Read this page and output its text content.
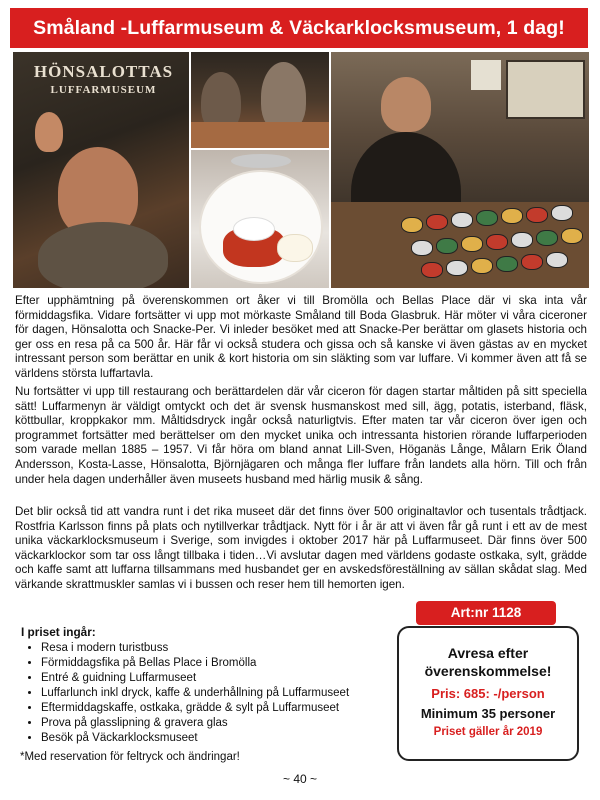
Småland -Luffarmuseum & Väckarklocksmuseum, 1 dag!
HÖNSALOTTAS
LUFFARMUSEUM
Efter upphämtning på överenskommen ort åker vi till Bromölla och Bellas Place där vi ska inta vår förmiddagsfika. Vidare fortsätter vi upp mot mörkaste Småland till Boda Glasbruk. Här möter vi våra ciceroner för dagen, Hönsalotta och Snacke-Per. Vi inleder besöket med att Snacke-Per berättar om glasets historia och ger oss en resa på ca 500 år. Här får vi också studera och gissa och så kanske vi även gästas av en mycket intressant person som berättar en unik & kort historia om sin släkting som var luffare. Vi kommer även att få se världens största luffartavla.
Nu fortsätter vi upp till restaurang och berättardelen där vår ciceron för dagen startar måltiden på sitt speciella sätt! Luffarmenyn är väldigt omtyckt och det är svensk husmanskost med sill, ägg, potatis, isterband, fläsk, köttbullar, kroppkakor mm. Måltidsdryck ingår också naturligtvis. Efter maten tar vår ciceron över igen och programmet fortsätter med berättelser om den mycket unika och intressanta historien rörande luffarperioden som varade mellan 1885 – 1957. Vi får höra om bland annat Lill-Sven, Höganäs Långe, Målarn Erik Öland Andersson, Kosta-Lasse, Hönsalotta, Björnjägaren och många fler luffare från landets alla hörn. Till och från under hela dagen underhåller även museets husband med härlig musik & sång.
Det blir också tid att vandra runt i det rika museet där det finns över 500 originaltavlor och tusentals trådtjack. Rostfria Karlsson finns på plats och nytillverkar trådtjack. Nytt för i år är att vi även får gå runt i ett av de mest unika väckarklocksmuseum i Sverige, som invigdes i oktober 2017 här på Luffarmuseet. Där finns över 500 väckarklockor som tar oss långt tillbaka i tiden…Vi avslutar dagen med världens godaste ostkaka, sylt, grädde och kaffe samt att luffarna tillsammans med husbandet ger en avskedsföreställning av sällan skådat slag. Med värkande skrattmuskler samlas vi i bussen och reser hem till hemorten igen.
I priset ingår:
• Resa i modern turistbuss
• Förmiddagsfika på Bellas Place i Bromölla
• Entré & guidning Luffarmuseet
• Luffarlunch inkl dryck, kaffe & underhållning på Luffarmuseet
• Eftermiddagskaffe, ostkaka, grädde & sylt på Luffarmuseet
• Prova på glasslipning & gravera glas
• Besök på Väckarklocksmuseet
*Med reservation för feltryck och ändringar!
Art:nr 1128
Avresa efter
överenskommelse!
Pris: 685: -/person
Minimum 35 personer
Priset gäller år 2019
~ 40 ~
